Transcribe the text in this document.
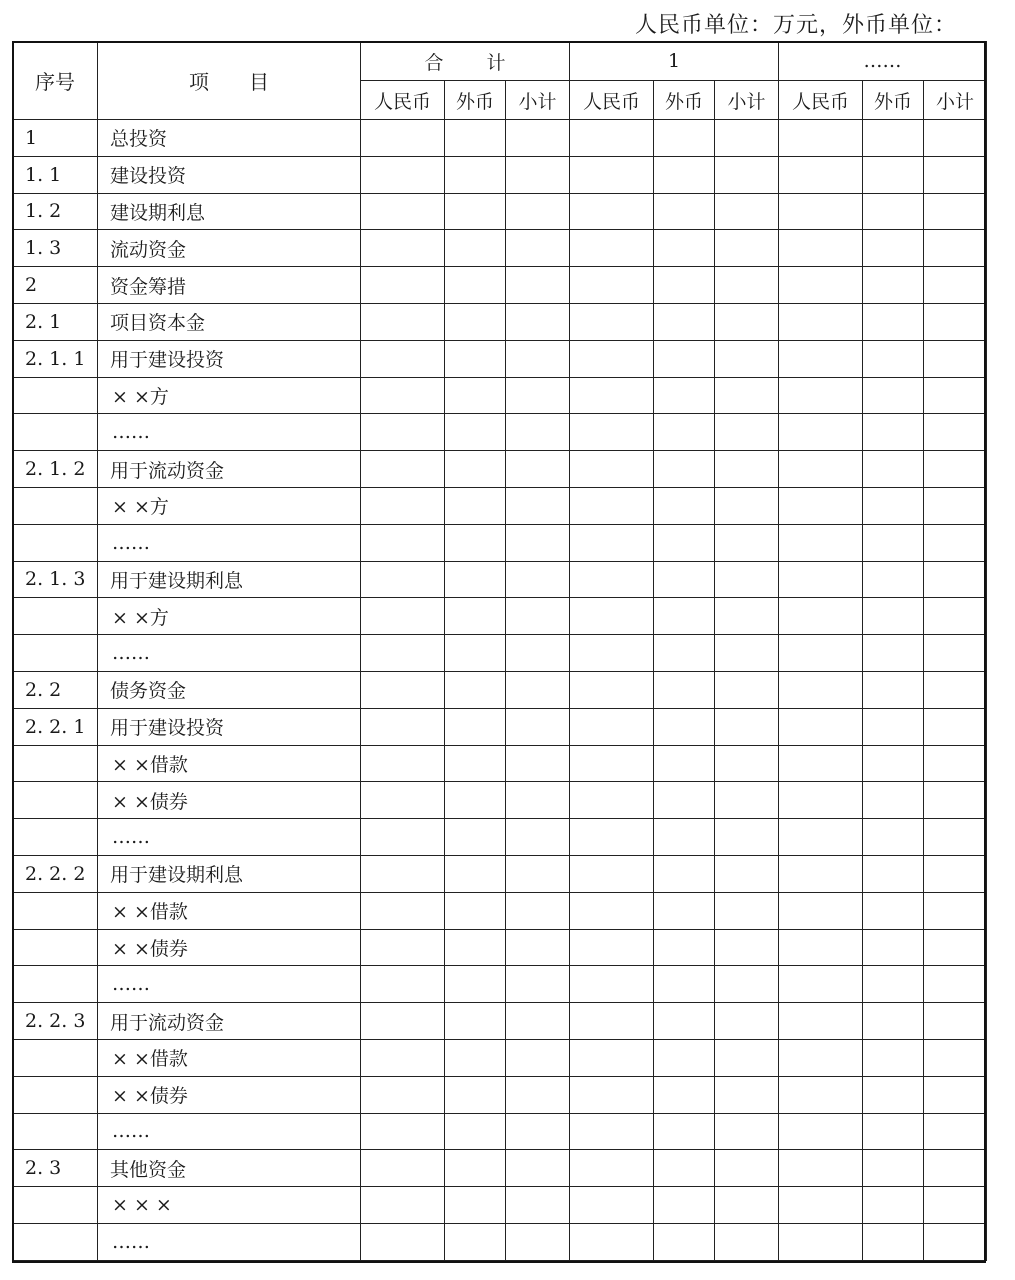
人民币单位：万元，外币单位：
序号	项　　目	合　计			1			……		
		人民币	外币	小计	人民币	外币	小计	人民币	外币	小计
1	总投资									
1. 1	建设投资									
1. 2	建设期利息									
1. 3	流动资金									
2	资金筹措									
2. 1	项目资本金									
2. 1. 1	用于建设投资									
	× ×方									
	……									
2. 1. 2	用于流动资金									
	× ×方									
	……									
2. 1. 3	用于建设期利息									
	× ×方									
	……									
2. 2	债务资金									
2. 2. 1	用于建设投资									
	× ×借款									
	× ×债券									
	……									
2. 2. 2	用于建设期利息									
	× ×借款									
	× ×债券									
	……									
2. 2. 3	用于流动资金									
	× ×借款									
	× ×债券									
	……									
2. 3	其他资金									
	× × ×									
	……									
